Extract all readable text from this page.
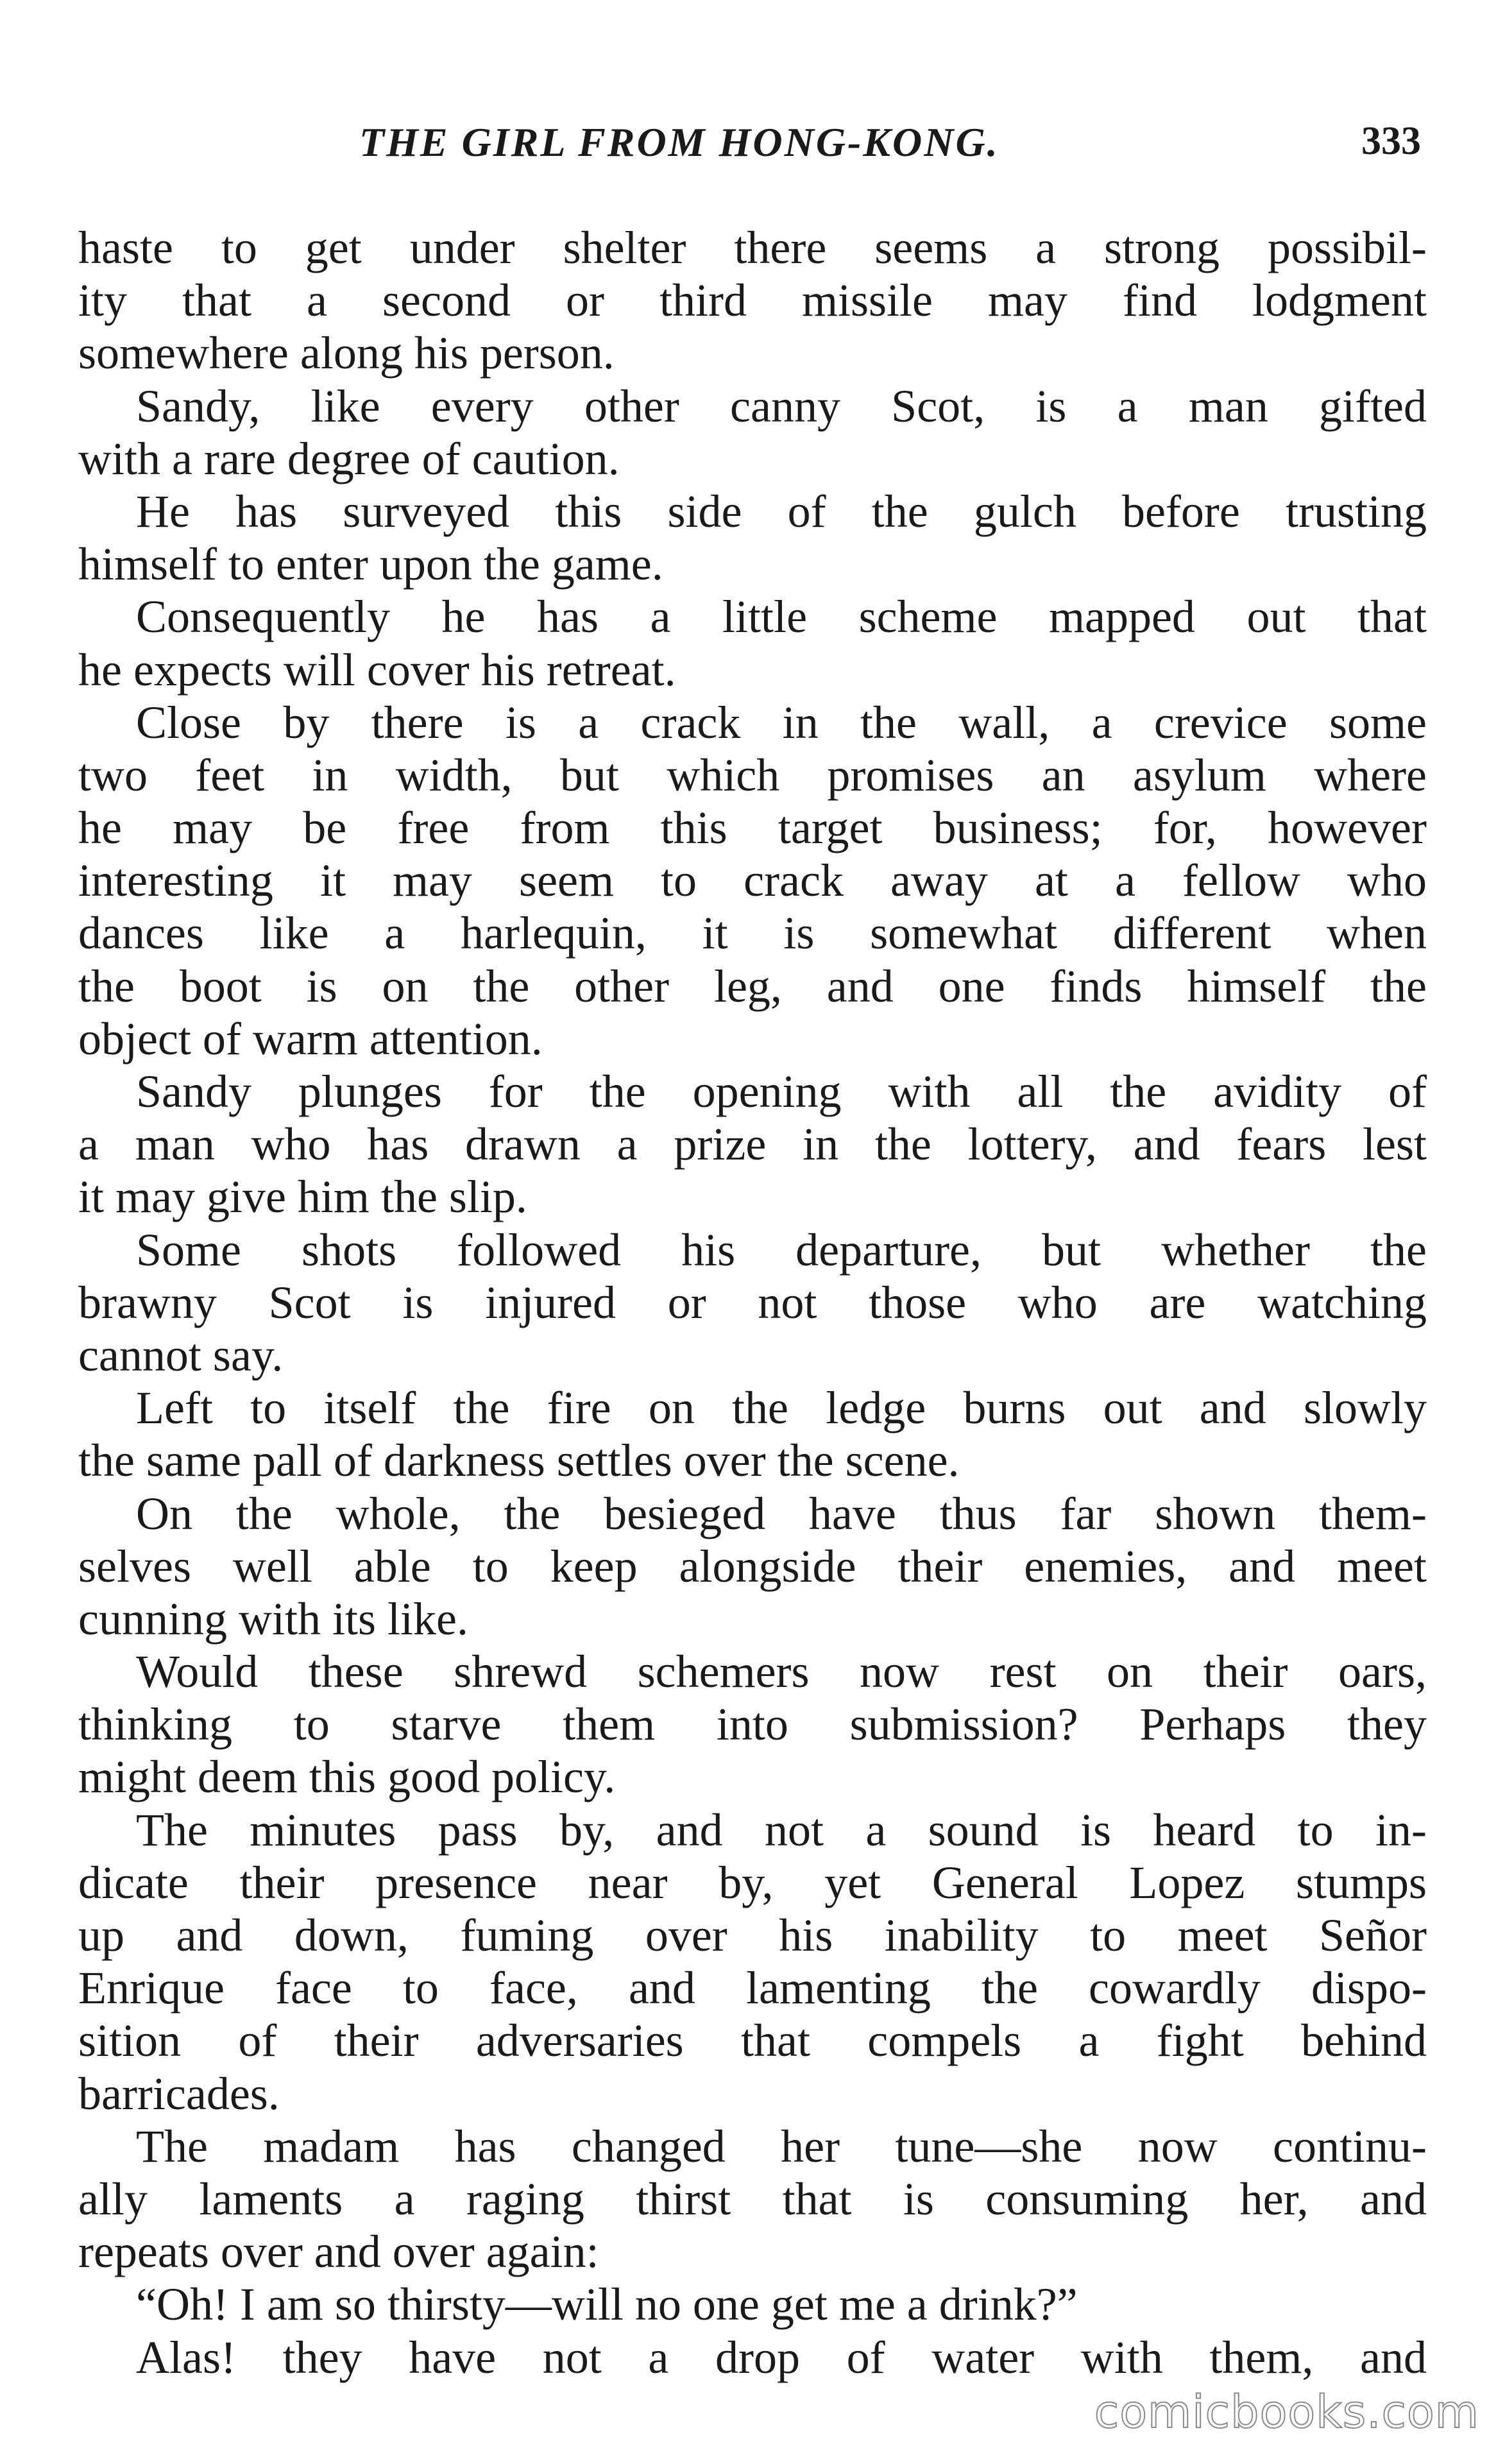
THE GIRL FROM HONG-KONG.	333
haste to get under shelter there seems a strong possibil-
ity that a second or third missile may find lodgment
somewhere along his person.
Sandy, like every other canny Scot, is a man gifted
with a rare degree of caution.
He has surveyed this side of the gulch before trusting
himself to enter upon the game.
Consequently he has a little scheme mapped out that
he expects will cover his retreat.
Close by there is a crack in the wall, a crevice some
two feet in width, but which promises an asylum where
he may be free from this target business; for, however
interesting it may seem to crack away at a fellow who
dances like a harlequin, it is somewhat different when
the boot is on the other leg, and one finds himself the
object of warm attention.
Sandy plunges for the opening with all the avidity of
a man who has drawn a prize in the lottery, and fears lest
it may give him the slip.
Some shots followed his departure, but whether the
brawny Scot is injured or not those who are watching
cannot say.
Left to itself the fire on the ledge burns out and slowly
the same pall of darkness settles over the scene.
On the whole, the besieged have thus far shown them-
selves well able to keep alongside their enemies, and meet
cunning with its like.
Would these shrewd schemers now rest on their oars,
thinking to starve them into submission? Perhaps they
might deem this good policy.
The minutes pass by, and not a sound is heard to in-
dicate their presence near by, yet General Lopez stumps
up and down, fuming over his inability to meet Señor
Enrique face to face, and lamenting the cowardly dispo-
sition of their adversaries that compels a fight behind
barricades.
The madam has changed her tune—she now continu-
ally laments a raging thirst that is consuming her, and
repeats over and over again:
“Oh! I am so thirsty—will no one get me a drink?”
Alas! they have not a drop of water with them, and
comicbooks.com
